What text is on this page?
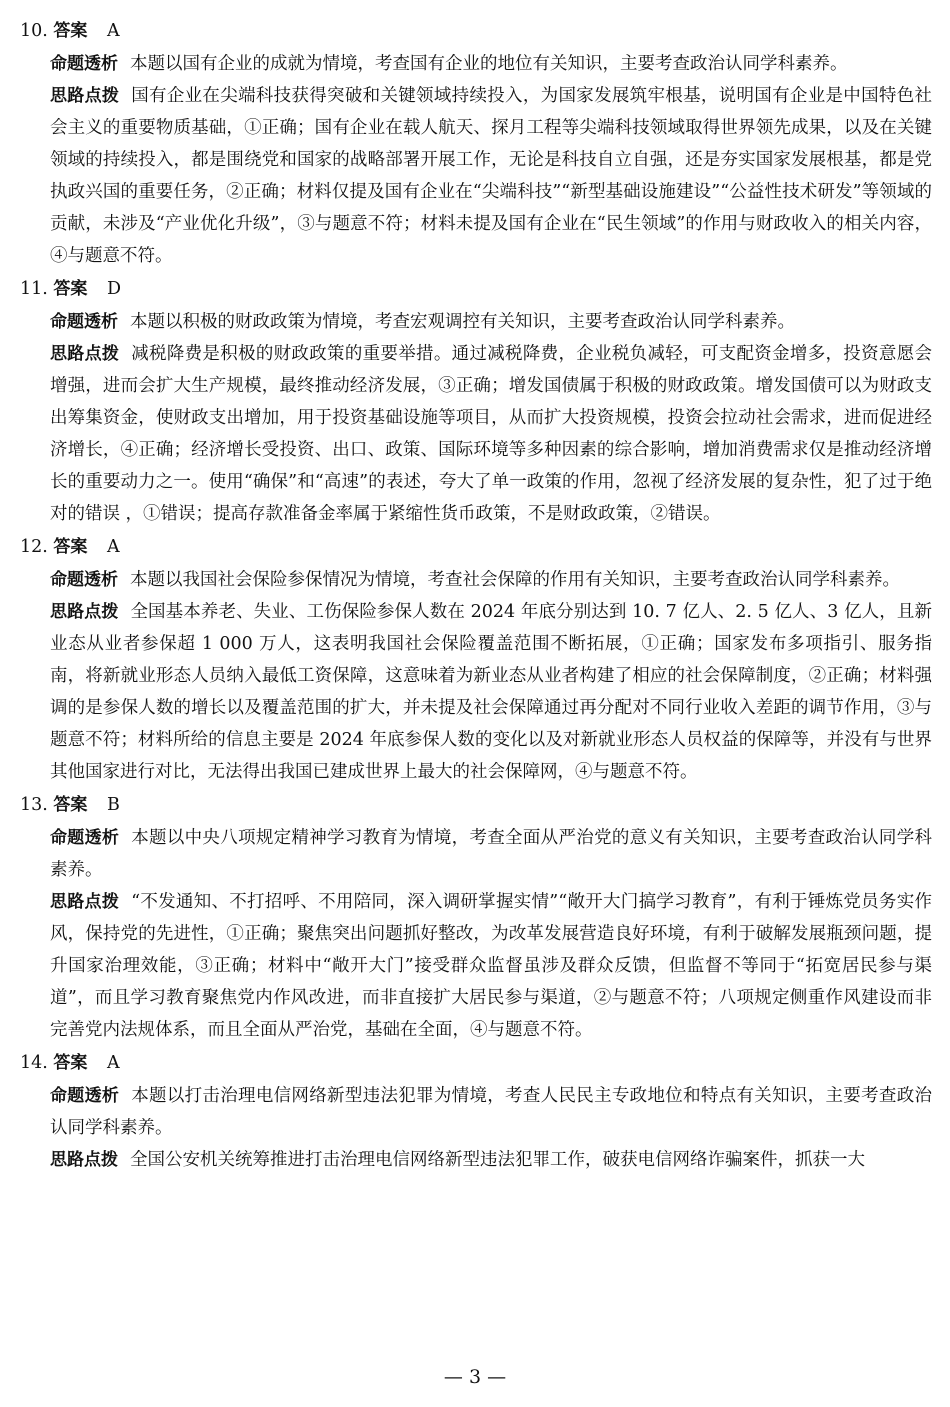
10. 答案 A

命题透析 本题以国有企业的成就为情境，考查国有企业的地位有关知识，主要考查政治认同学科素养。

思路点拨 国有企业在尖端科技获得突破和关键领域持续投入，为国家发展筑牢根基，说明国有企业是中国特色社会主义的重要物质基础，①正确；国有企业在载人航天、探月工程等尖端科技领域取得世界领先成果，以及在关键领域的持续投入，都是围绕党和国家的战略部署开展工作，无论是科技自立自强，还是夯实国家发展根基，都是党执政兴国的重要任务，②正确；材料仅提及国有企业在“尖端科技”“新型基础设施建设”“公益性技术研发”等领域的贡献，未涉及“产业优化升级”，③与题意不符；材料未提及国有企业在“民生领域”的作用与财政收入的相关内容，④与题意不符。

11. 答案 D

命题透析 本题以积极的财政政策为情境，考查宏观调控有关知识，主要考查政治认同学科素养。

思路点拨 减税降费是积极的财政政策的重要举措。通过减税降费，企业税负减轻，可支配资金增多，投资意愿会增强，进而会扩大生产规模，最终推动经济发展，③正确；增发国债属于积极的财政政策。增发国债可以为财政支出筹集资金，使财政支出增加，用于投资基础设施等项目，从而扩大投资规模，投资会拉动社会需求，进而促进经济增长，④正确；经济增长受投资、出口、政策、国际环境等多种因素的综合影响，增加消费需求仅是推动经济增长的重要动力之一。使用“确保”和“高速”的表述，夸大了单一政策的作用，忽视了经济发展的复杂性，犯了过于绝对的错误 ，①错误；提高存款准备金率属于紧缩性货币政策，不是财政政策，②错误。

12. 答案 A

命题透析 本题以我国社会保险参保情况为情境，考查社会保障的作用有关知识，主要考查政治认同学科素养。

思路点拨 全国基本养老、失业、工伤保险参保人数在 2024 年底分别达到 10. 7 亿人、2. 5 亿人、3 亿人，且新业态从业者参保超 1 000 万人，这表明我国社会保险覆盖范围不断拓展，①正确；国家发布多项指引、服务指南，将新就业形态人员纳入最低工资保障，这意味着为新业态从业者构建了相应的社会保障制度，②正确；材料强调的是参保人数的增长以及覆盖范围的扩大，并未提及社会保障通过再分配对不同行业收入差距的调节作用，③与题意不符；材料所给的信息主要是 2024 年底参保人数的变化以及对新就业形态人员权益的保障等，并没有与世界其他国家进行对比，无法得出我国已建成世界上最大的社会保障网，④与题意不符。

13. 答案 B

命题透析 本题以中央八项规定精神学习教育为情境，考查全面从严治党的意义有关知识，主要考查政治认同学科素养。

思路点拨 “不发通知、不打招呼、不用陪同，深入调研掌握实情”“敞开大门搞学习教育”，有利于锤炼党员务实作风，保持党的先进性，①正确；聚焦突出问题抓好整改，为改革发展营造良好环境，有利于破解发展瓶颈问题，提升国家治理效能，③正确；材料中“敞开大门”接受群众监督虽涉及群众反馈，但监督不等同于“拓宽居民参与渠道”，而且学习教育聚焦党内作风改进，而非直接扩大居民参与渠道，②与题意不符；八项规定侧重作风建设而非完善党内法规体系，而且全面从严治党，基础在全面，④与题意不符。

14. 答案 A

命题透析 本题以打击治理电信网络新型违法犯罪为情境，考查人民民主专政地位和特点有关知识，主要考查政治认同学科素养。

思路点拨 全国公安机关统筹推进打击治理电信网络新型违法犯罪工作，破获电信网络诈骗案件，抓获一大

— 3 —
